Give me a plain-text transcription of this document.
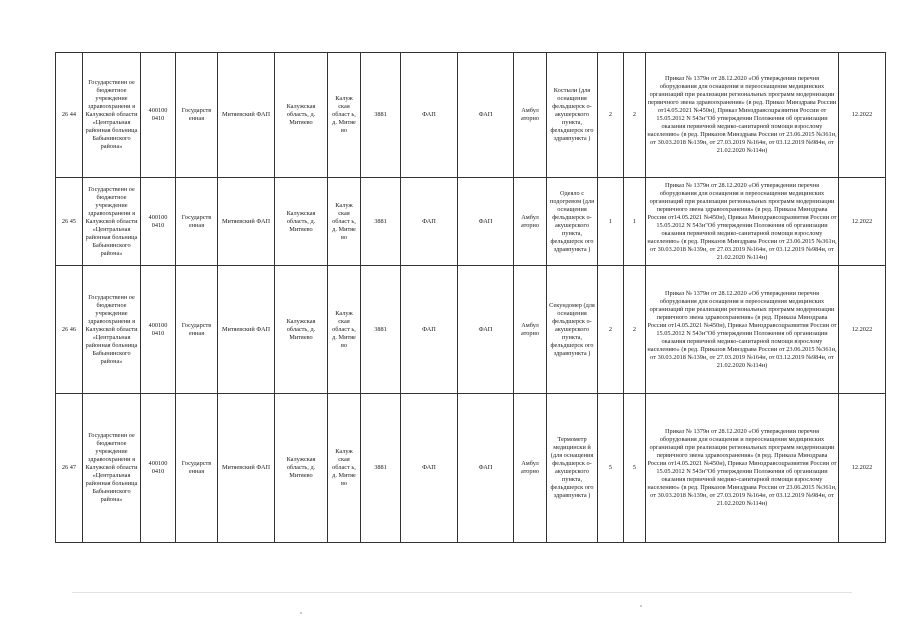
26 44	Государственн ое бюджетное учреждение здравоохранени я Калужской области «Центральная районная больница Бабынинского района»	400100 0410	Государств енная	Митяевский ФАП	Калужская область, д. Митяево	Калуж ская област ь, д. Митяе во	3881	ФАП	ФАП	Амбул аторно	Костыли (для оснащения фельдшерск о- акушерского пункта, фельдшерск ого здравпункта )	2	2	Приказ № 1379н от 28.12.2020 «Об утверждении перечня оборудования для оснащения и переоснащения медицинских организаций при реализации региональных программ модернизации первичного звена здравоохранения» (в ред. Приказ Минздрава России от14.05.2021 №450н), Приказ Минздравсоцразвития России от 15.05.2012 N 543н"Об утверждении Положения об организации оказания первичной медико-санитарной помощи взрослому населению» (в ред. Приказов Минздрава России от 23.06.2015 №361н, от 30.03.2018 №139н, от 27.03.2019 №164н, от 03.12.2019 №984н, от 21.02.2020 №114н)	12.2022
26 45	Государственн ое бюджетное учреждение здравоохранени я Калужской области «Центральная районная больница Бабынинского района»	400100 0410	Государств енная	Митяевский ФАП	Калужская область, д. Митяево	Калуж ская област ь, д. Митяе во	3881	ФАП	ФАП	Амбул аторно	Одеяло с подогревом (для оснащения фельдшерск о- акушерского пункта, фельдшерск ого здравпункта )	1	1	Приказ № 1379н от 28.12.2020 «Об утверждении перечня оборудования для оснащения и переоснащения медицинских организаций при реализации региональных программ модернизации первичного звена здравоохранения» (в ред. Приказа Минздрава России от14.05.2021 №450н), Приказ Минздравсоцразвития России от 15.05.2012 N 543н"Об утверждении Положения об организации оказания первичной медико-санитарной помощи взрослому населению» (в ред. Приказов Минздрава России от 23.06.2015 №361н, от 30.03.2018 №139н, от 27.03.2019 №164н, от 03.12.2019 №984н, от 21.02.2020 №114н)	12.2022
26 46	Государственн ое бюджетное учреждение здравоохранени я Калужской области «Центральная районная больница Бабынинского района»	400100 0410	Государств енная	Митяевский ФАП	Калужская область, д. Митяево	Калуж ская област ь, д. Митяе во	3881	ФАП	ФАП	Амбул аторно	Секундомер (для оснащения фельдшерск о- акушерского пункта, фельдшерск ого здравпункта )	2	2	Приказ № 1379н от 28.12.2020 «Об утверждении перечня оборудования для оснащения и переоснащения медицинских организаций при реализации региональных программ модернизации первичного звена здравоохранения» (в ред. Приказа Минздрава России от14.05.2021 №450н), Приказ Минздравсоцразвития России от 15.05.2012 N 543н"Об утверждении Положения об организации оказания первичной медико-санитарной помощи взрослому населению» (в ред. Приказов Минздрава России от 23.06.2015 №361н, от 30.03.2018 №139н, от 27.03.2019 №164н, от 03.12.2019 №984н, от 21.02.2020 №114н)	12.2022
26 47	Государственн ое бюджетное учреждение здравоохранени я Калужской области «Центральная районная больница Бабынинского района»	400100 0410	Государств енная	Митяевский ФАП	Калужская область, д. Митяево	Калуж ская област ь, д. Митяе во	3881	ФАП	ФАП	Амбул аторно	Термометр медицински й (для оснащения фельдшерск о- акушерского пункта, фельдшерск ого здравпункта )	5	5	Приказ № 1379н от 28.12.2020 «Об утверждении перечня оборудования для оснащения и переоснащения медицинских организаций при реализации региональных программ модернизации первичного звена здравоохранения» (в ред. Приказа Минздрава России от14.05.2021 №450н), Приказ Минздравсоцразвития России от 15.05.2012 N 543н"Об утверждении Положения об организации оказания первичной медико-санитарной помощи взрослому населению» (в ред. Приказов Минздрава России от 23.06.2015 №361н, от 30.03.2018 №139н, от 27.03.2019 №164н, от 03.12.2019 №984н, от 21.02.2020 №114н)	12.2022
